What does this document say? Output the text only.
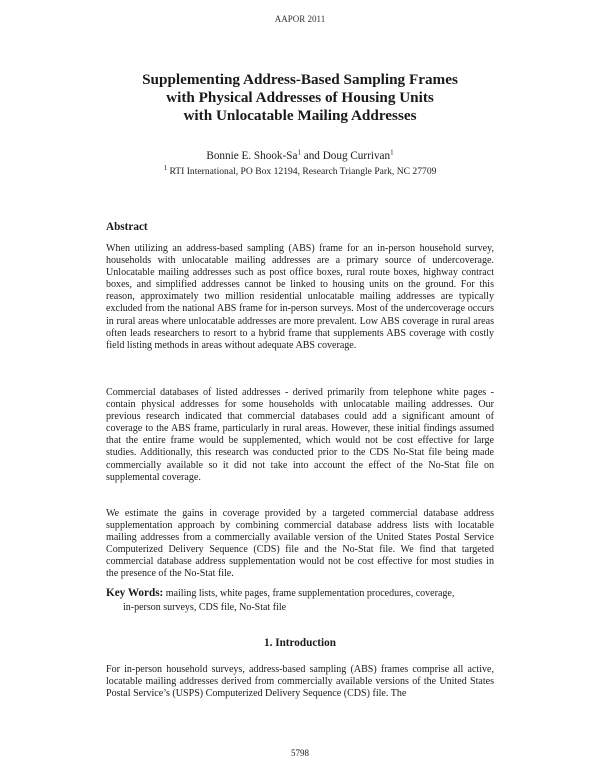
AAPOR 2011
Supplementing Address-Based Sampling Frames
with Physical Addresses of Housing Units
with Unlocatable Mailing Addresses
Bonnie E. Shook-Sa$^1$ and Doug Currivan$^1$
$^1$ RTI International, PO Box 12194, Research Triangle Park, NC 27709
Abstract

When utilizing an address-based sampling (ABS) frame for an in-person household survey, households with unlocatable mailing addresses are a primary source of undercoverage. Unlocatable mailing addresses such as post office boxes, rural route boxes, highway contract boxes, and simplified addresses cannot be linked to housing units on the ground. For this reason, approximately two million residential unlocatable mailing addresses are typically excluded from the national ABS frame for in-person surveys. Most of the undercoverage occurs in rural areas where unlocatable addresses are more prevalent. Low ABS coverage in rural areas often leads researchers to resort to a hybrid frame that supplements ABS coverage with costly field listing methods in areas without adequate ABS coverage.

Commercial databases of listed addresses - derived primarily from telephone white pages - contain physical addresses for some households with unlocatable mailing addresses. Our previous research indicated that commercial databases could add a significant amount of coverage to the ABS frame, particularly in rural areas. However, these initial findings assumed that the entire frame would be supplemented, which would not be cost effective for large studies. Additionally, this research was conducted prior to the CDS No-Stat file being made commercially available so it did not take into account the effect of the No-Stat file on supplemental coverage.

We estimate the gains in coverage provided by a targeted commercial database address supplementation approach by combining commercial database address lists with locatable mailing addresses from a commercially available version of the United States Postal Service Computerized Delivery Sequence (CDS) file and the No-Stat file. We find that targeted commercial database address supplementation would not be cost effective for most studies in the presence of the No-Stat file.

Key Words: mailing lists, white pages, frame supplementation procedures, coverage,
in-person surveys, CDS file, No-Stat file
1. Introduction

For in-person household surveys, address-based sampling (ABS) frames comprise all active, locatable mailing addresses derived from commercially available versions of the United States Postal Service’s (USPS) Computerized Delivery Sequence (CDS) file. The

5798
